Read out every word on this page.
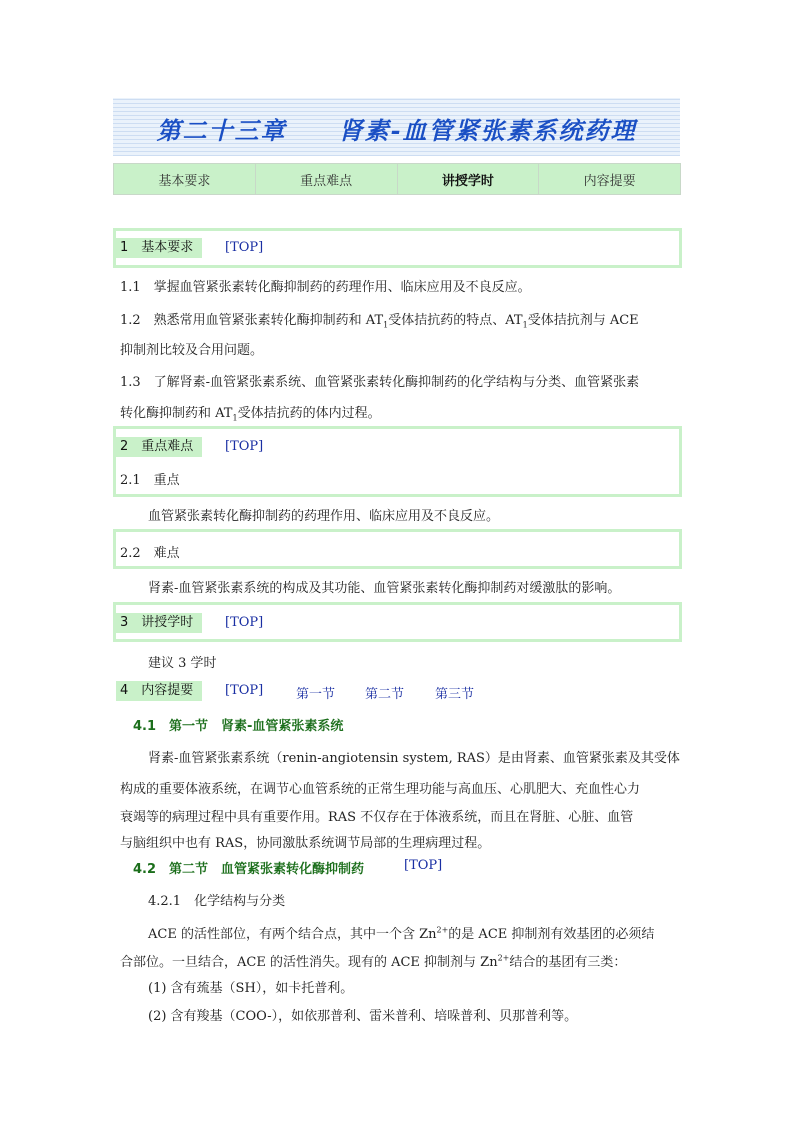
第二十三章　　肾素-血管紧张素系统药理
基本要求	重点难点	讲授学时	内容提要
1　基本要求	[TOP]
1.1　掌握血管紧张素转化酶抑制药的药理作用、临床应用及不良反应。
1.2　熟悉常用血管紧张素转化酶抑制药和 $AT_1$受体拮抗药的特点、$AT_1$受体拮抗剂与 ACE
抑制剂比较及合用问题。
1.3　了解肾素-血管紧张素系统、血管紧张素转化酶抑制药的化学结构与分类、血管紧张素
转化酶抑制药和 $AT_1$受体拮抗药的体内过程。
2　重点难点	[TOP]
2.1　重点
血管紧张素转化酶抑制药的药理作用、临床应用及不良反应。
2.2　难点
肾素-血管紧张素系统的构成及其功能、血管紧张素转化酶抑制药对缓激肽的影响。
3　讲授学时	[TOP]
建议 3 学时
4　内容提要	[TOP]	第一节 第二节 第三节
4.1　第一节　肾素-血管紧张素系统
肾素-血管紧张素系统（renin-angiotensin system, RAS）是由肾素、血管紧张素及其受体
构成的重要体液系统，在调节心血管系统的正常生理功能与高血压、心肌肥大、充血性心力
衰竭等的病理过程中具有重要作用。RAS 不仅存在于体液系统，而且在肾脏、心脏、血管
与脑组织中也有 RAS，协同激肽系统调节局部的生理病理过程。
4.2　第二节　血管紧张素转化酶抑制药	[TOP]
4.2.1　化学结构与分类
ACE 的活性部位，有两个结合点，其中一个含 $Zn^{2+}$的是 ACE 抑制剂有效基团的必须结
合部位。一旦结合，ACE 的活性消失。现有的 ACE 抑制剂与 $Zn^{2+}$结合的基团有三类：
(1) 含有巯基（SH），如卡托普利。
(2) 含有羧基（COO-），如依那普利、雷米普利、培哚普利、贝那普利等。
